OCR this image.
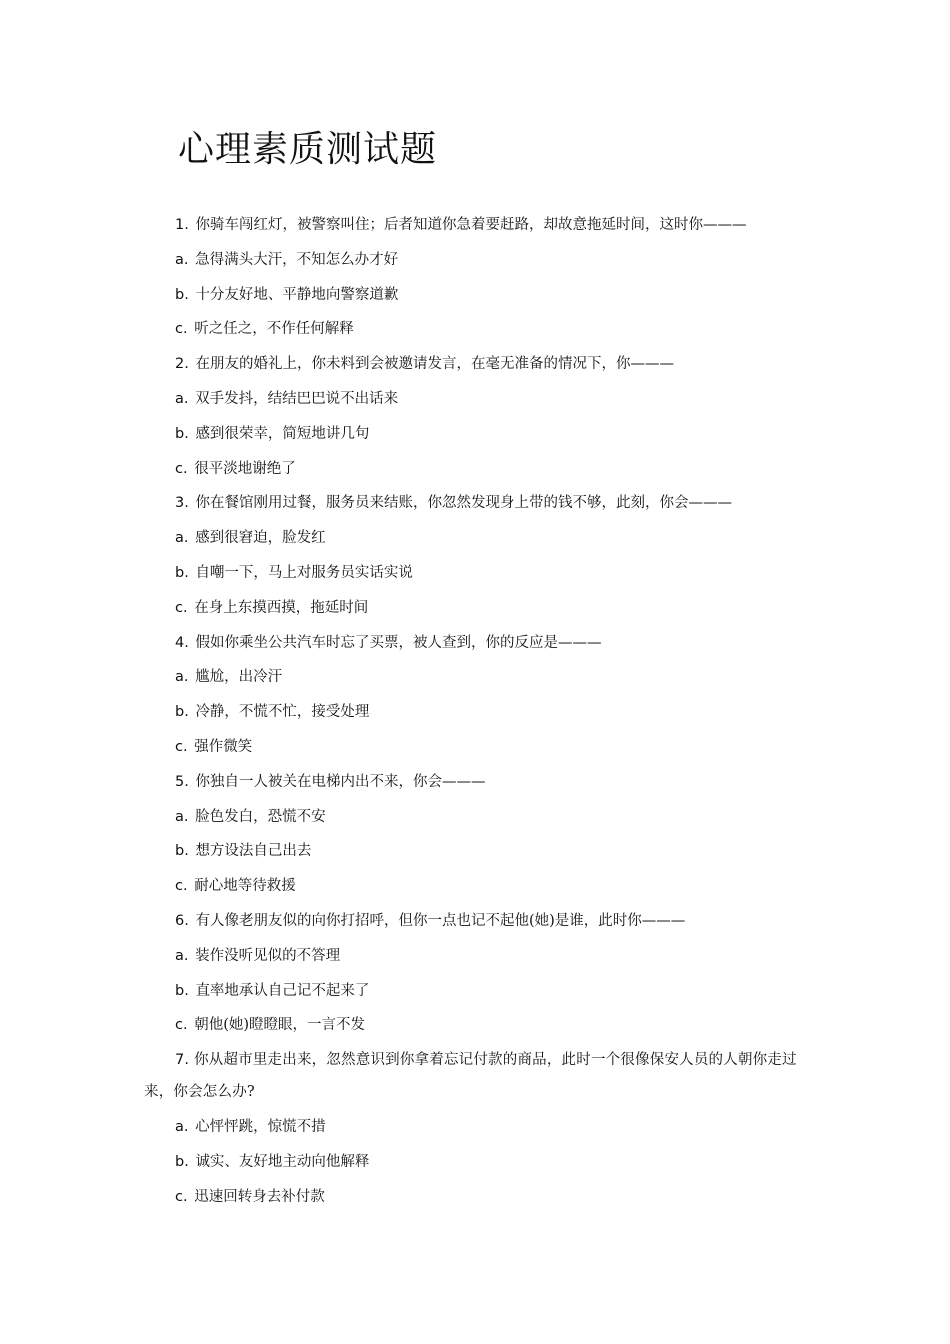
心理素质测试题
1. 你骑车闯红灯，被警察叫住；后者知道你急着要赶路，却故意拖延时间，这时你———
a. 急得满头大汗，不知怎么办才好
b. 十分友好地、平静地向警察道歉
c. 听之任之，不作任何解释
2. 在朋友的婚礼上，你未料到会被邀请发言，在毫无准备的情况下，你———
a. 双手发抖，结结巴巴说不出话来
b. 感到很荣幸，简短地讲几句
c. 很平淡地谢绝了
3. 你在餐馆刚用过餐，服务员来结账，你忽然发现身上带的钱不够，此刻，你会———
a. 感到很窘迫，脸发红
b. 自嘲一下，马上对服务员实话实说
c. 在身上东摸西摸，拖延时间
4. 假如你乘坐公共汽车时忘了买票，被人查到，你的反应是———
a. 尴尬，出冷汗
b. 冷静，不慌不忙，接受处理
c. 强作微笑
5. 你独自一人被关在电梯内出不来，你会———
a. 脸色发白，恐慌不安
b. 想方设法自己出去
c. 耐心地等待救援
6. 有人像老朋友似的向你打招呼，但你一点也记不起他(她)是谁，此时你———
a. 装作没听见似的不答理
b. 直率地承认自己记不起来了
c. 朝他(她)瞪瞪眼，一言不发
7. 你从超市里走出来，忽然意识到你拿着忘记付款的商品，此时一个很像保安人员的人朝你走过来，你会怎么办?
a. 心怦怦跳，惊慌不措
b. 诚实、友好地主动向他解释
c. 迅速回转身去补付款
